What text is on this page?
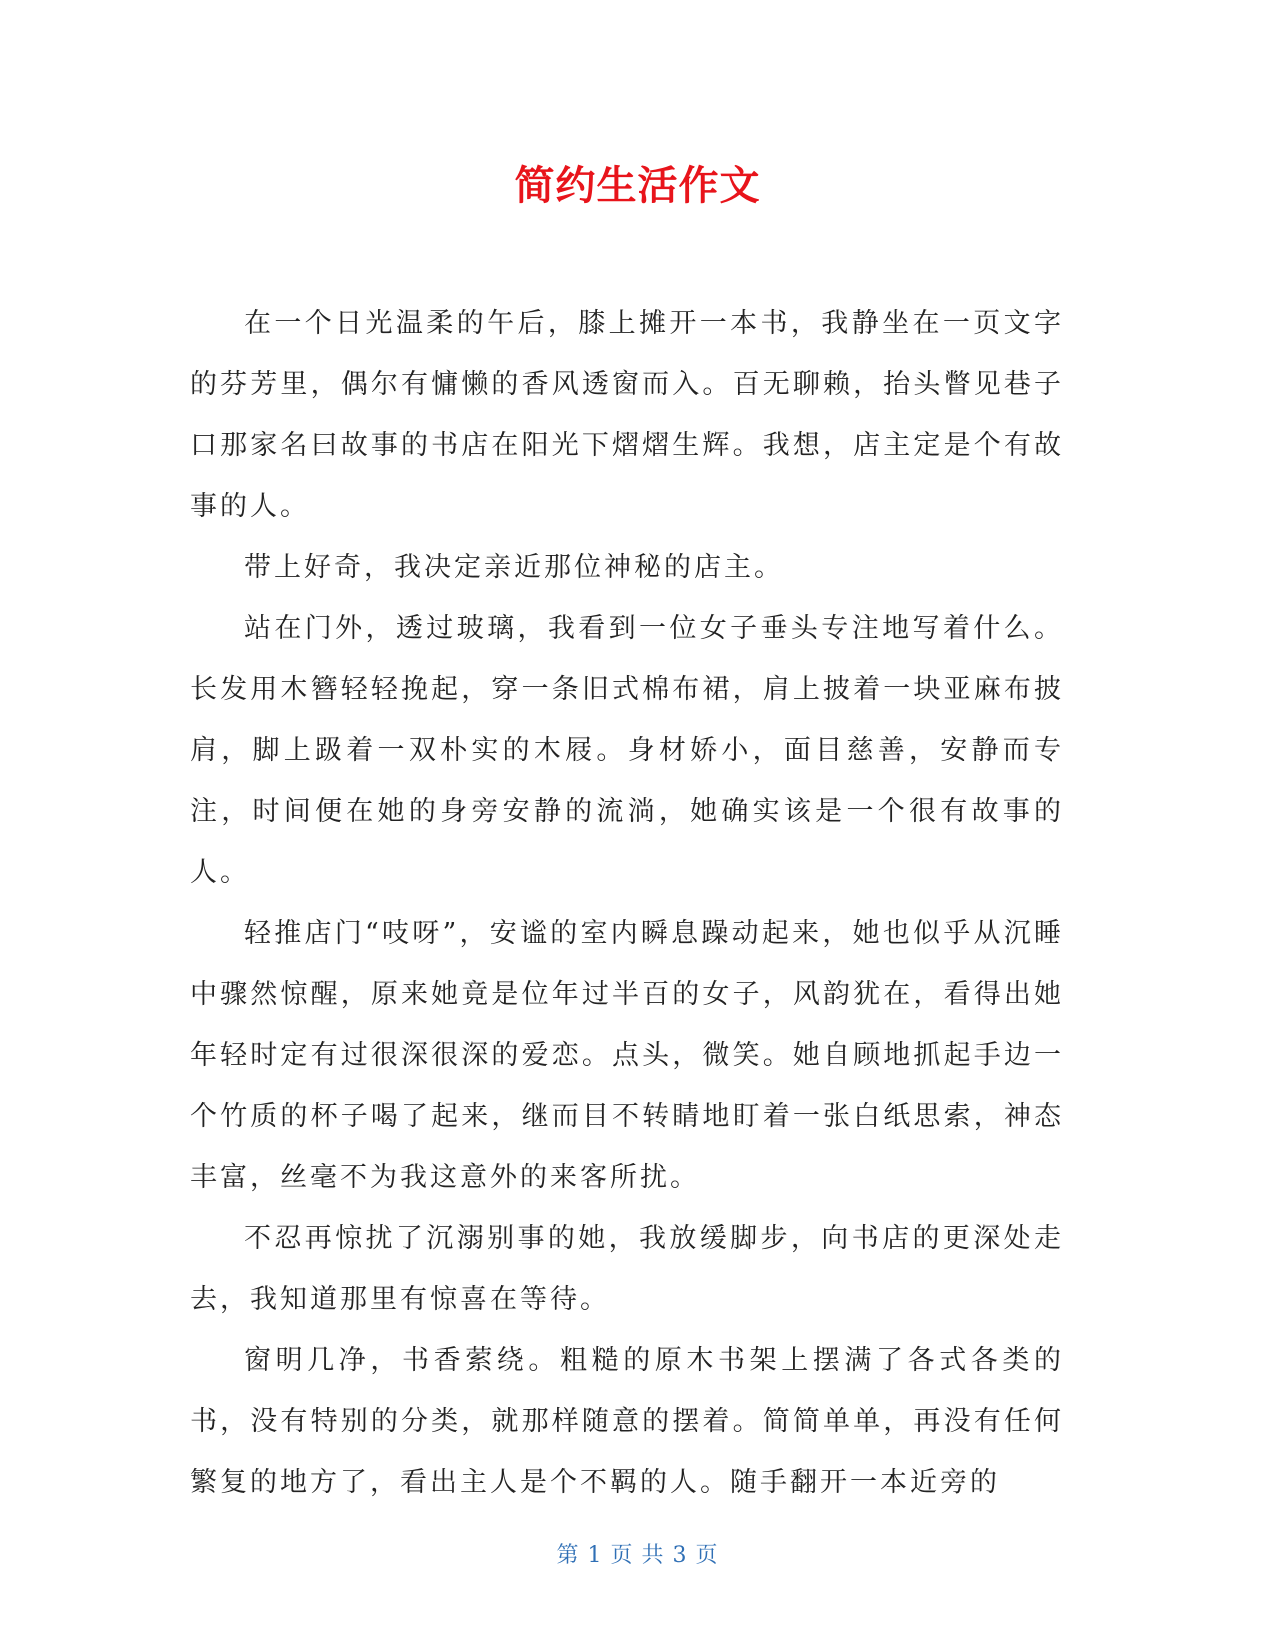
简约生活作文

在一个日光温柔的午后，膝上摊开一本书，我静坐在一页文字的芬芳里，偶尔有慵懒的香风透窗而入。百无聊赖，抬头瞥见巷子口那家名曰故事的书店在阳光下熠熠生辉。我想，店主定是个有故事的人。

带上好奇，我决定亲近那位神秘的店主。

站在门外，透过玻璃，我看到一位女子垂头专注地写着什么。长发用木簪轻轻挽起，穿一条旧式棉布裙，肩上披着一块亚麻布披肩，脚上趿着一双朴实的木屐。身材娇小，面目慈善，安静而专注，时间便在她的身旁安静的流淌，她确实该是一个很有故事的人。

轻推店门“吱呀”，安谧的室内瞬息躁动起来，她也似乎从沉睡中骤然惊醒，原来她竟是位年过半百的女子，风韵犹在，看得出她年轻时定有过很深很深的爱恋。点头，微笑。她自顾地抓起手边一个竹质的杯子喝了起来，继而目不转睛地盯着一张白纸思索，神态丰富，丝毫不为我这意外的来客所扰。

不忍再惊扰了沉溺别事的她，我放缓脚步，向书店的更深处走去，我知道那里有惊喜在等待。

窗明几净，书香萦绕。粗糙的原木书架上摆满了各式各类的书，没有特别的分类，就那样随意的摆着。简简单单，再没有任何繁复的地方了，看出主人是个不羁的人。随手翻开一本近旁的

第 1 页 共 3 页
